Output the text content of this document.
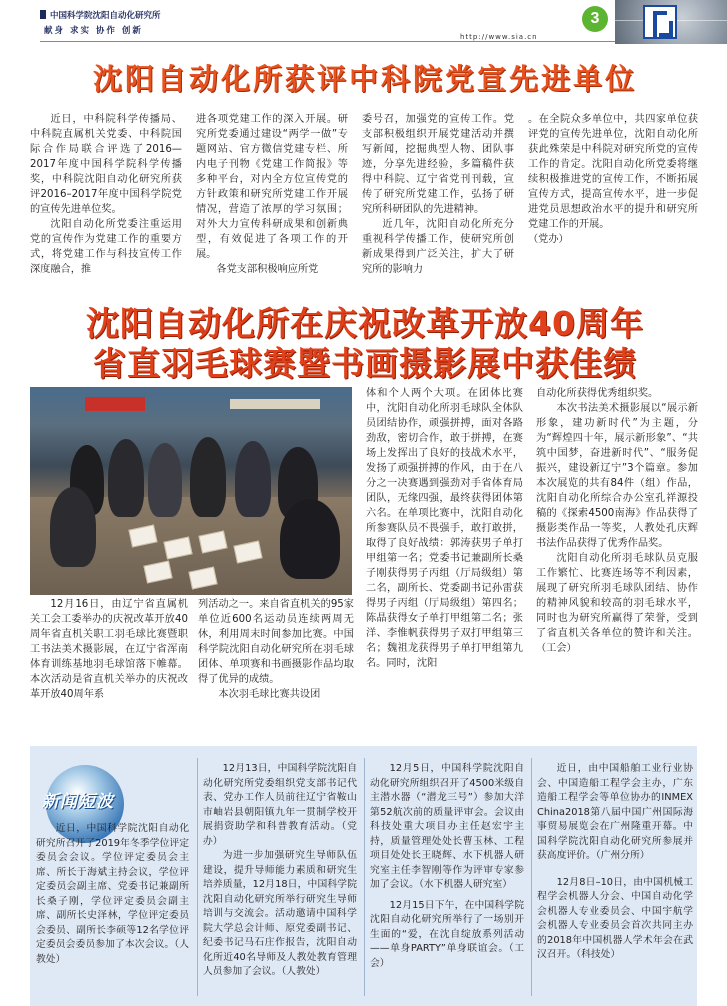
中国科学院沈阳自动化研究所
献身 求实 协作 创新
http://www.sia.cn
3
沈阳自动化所获评中科院党宣先进单位

近日，中科院科学传播局、中科院直属机关党委、中科院国际合作局联合评选了2016—2017年度中国科学院科学传播奖，中科院沈阳自动化研究所获评2016–2017年度中国科学院党的宣传先进单位奖。

沈阳自动化所党委注重运用党的宣传作为党建工作的重要方式，将党建工作与科技宣传工作深度融合，推

进各项党建工作的深入开展。研究所党委通过建设“两学一做”专题网站、官方微信党建专栏、所内电子刊物《党建工作简报》等多种平台，对内全方位宣传党的方针政策和研究所党建工作开展情况，营造了浓厚的学习氛围；对外大力宣传科研成果和创新典型，有效促进了各项工作的开展。

各党支部积极响应所党

委号召，加强党的宣传工作。党支部积极组织开展党建活动并撰写新闻，挖掘典型人物、团队事迹，分享先进经验，多篇稿件获得中科院、辽宁省党刊刊载，宣传了研究所党建工作，弘扬了研究所科研团队的先进精神。

近几年，沈阳自动化所充分重视科学传播工作，使研究所创新成果得到广泛关注，扩大了研究所的影响力

。在全院众多单位中，共四家单位获评党的宣传先进单位，沈阳自动化所获此殊荣是中科院对研究所党的宣传工作的肯定。沈阳自动化所党委将继续积极推进党的宣传工作，不断拓展宣传方式，提高宣传水平，进一步促进党员思想政治水平的提升和研究所党建工作的开展。

（党办）

沈阳自动化所在庆祝改革开放40周年
省直羽毛球赛暨书画摄影展中获佳绩

12月16日，由辽宁省直属机关工会工委举办的庆祝改革开放40周年省直机关职工羽毛球比赛暨职工书法美术摄影展，在辽宁省浑南体育训练基地羽毛球馆落下帷幕。本次活动是省直机关举办的庆祝改革开放40周年系

列活动之一。来自省直机关的95家单位近600名运动员连续两周无休，利用周末时间参加比赛。中国科学院沈阳自动化研究所在羽毛球团体、单项赛和书画摄影作品均取得了优异的成绩。

本次羽毛球比赛共设团

体和个人两个大项。在团体比赛中，沈阳自动化所羽毛球队全体队员团结协作，顽强拼搏，面对各路劲敌，密切合作，敢于拼搏，在赛场上发挥出了良好的技战术水平，发扬了顽强拼搏的作风，由于在八分之一决赛遇到强劲对手省体育局团队，无缘四强，最终获得团体第六名。在单项比赛中，沈阳自动化所参赛队员不畏强手，敢打敢拼，取得了良好战绩：郭涛获男子单打甲组第一名；党委书记兼副所长桑子刚获得男子丙组（厅局级组）第二名，副所长、党委副书记孙雷获得男子丙组（厅局级组）第四名；陈晶获得女子单打甲组第二名；张洋、李惟帆获得男子双打甲组第三名；魏祖龙获得男子单打甲组第九名。同时，沈阳

自动化所获得优秀组织奖。

本次书法美术摄影展以“展示新形象，建功新时代”为主题，分为“辉煌四十年，展示新形象”、“共筑中国梦，奋进新时代”、“服务促振兴，建设新辽宁”3个篇章。参加本次展览的共有84件（组）作品，沈阳自动化所综合办公室孔祥源投稿的《探索4500南海》作品获得了摄影类作品一等奖，人教处孔庆辉书法作品获得了优秀作品奖。

沈阳自动化所羽毛球队员克服工作繁忙、比赛连场等不利因素，展现了研究所羽毛球队团结、协作的精神风貌和较高的羽毛球水平，同时也为研究所赢得了荣誉，受到了省直机关各单位的赞许和关注。（工会）

新闻短波

近日，中国科学院沈阳自动化研究所召开了2019年冬季学位评定委员会会议。学位评定委员会主席、所长于海斌主持会议，学位评定委员会副主席、党委书记兼副所长桑子刚，学位评定委员会副主席、副所长史泽林，学位评定委员会委员、副所长李硕等12名学位评定委员会委员参加了本次会议。（人教处）

12月13日，中国科学院沈阳自动化研究所党委组织党支部书记代表、党办工作人员前往辽宁省鞍山市岫岩县朝阳镇九年一贯制学校开展捐资助学和科普教育活动。（党办）

为进一步加强研究生导师队伍建设，提升导师能力素质和研究生培养质量，12月18日，中国科学院沈阳自动化研究所举行研究生导师培训与交流会。活动邀请中国科学院大学总会计师、原党委副书记、纪委书记马石庄作报告，沈阳自动化所近40名导师及人教处教育管理人员参加了会议。（人教处）

12月5日，中国科学院沈阳自动化研究所组织召开了4500米级自主潜水器（“潜龙三号”）参加大洋第52航次前的质量评审会。会议由科技处重大项目办主任赵宏宇主持，质量管理处处长曹玉林、工程项目处处长王晓辉、水下机器人研究室主任李智刚等作为评审专家参加了会议。（水下机器人研究室）

12月15日下午，在中国科学院沈阳自动化研究所举行了一场别开生面的“爱，在沈自绽放系列活动——单身PARTY”单身联谊会。（工会）

近日，由中国船舶工业行业协会、中国造船工程学会主办，广东造船工程学会等单位协办的INMEX China2018第八届中国广州国际海事贸易展览会在广州隆重开幕。中国科学院沈阳自动化研究所参展并获高度评价。（广州分所）

12月8日–10日，由中国机械工程学会机器人分会、中国自动化学会机器人专业委员会、中国宇航学会机器人专业委员会首次共同主办的2018年中国机器人学术年会在武汉召开。（科技处）
